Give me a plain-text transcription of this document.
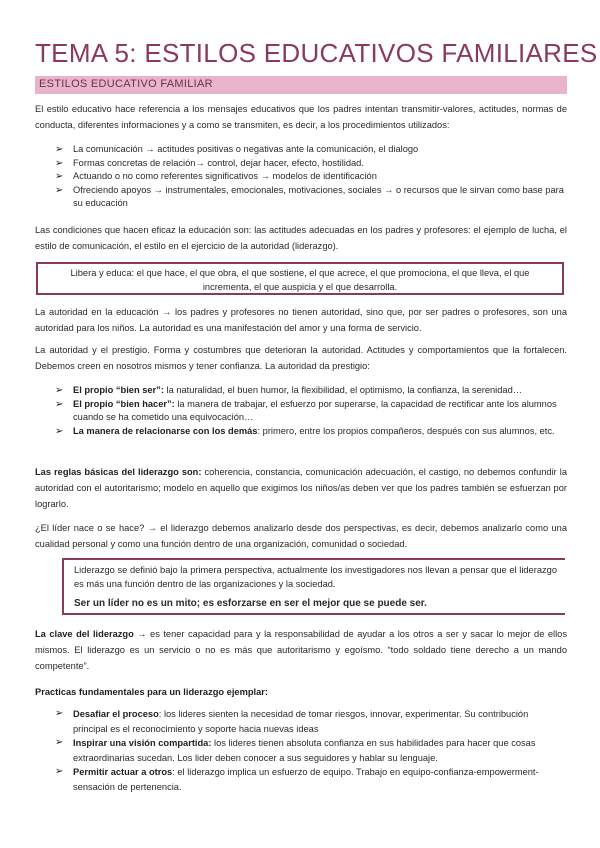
TEMA 5: ESTILOS EDUCATIVOS FAMILIARES
ESTILOS EDUCATIVO FAMILIAR
El estilo educativo hace referencia a los mensajes educativos que los padres intentan transmitir-valores, actitudes, normas de conducta, diferentes informaciones y a como se transmiten, es decir, a los procedimientos utilizados:
➢ La comunicación → actitudes positivas o negativas ante la comunicación, el dialogo
➢ Formas concretas de relación→ control, dejar hacer, efecto, hostilidad.
➢ Actuando o no como referentes significativos → modelos de identificación
➢ Ofreciendo apoyos → instrumentales, emocionales, motivaciones, sociales → o recursos que le sirvan como base para su educación
Las condiciones que hacen eficaz la educación son: las actitudes adecuadas en los padres y profesores: el ejemplo de lucha, el estilo de comunicación, el estilo en el ejercicio de la autoridad (liderazgo).
Libera y educa: el que hace, el que obra, el que sostiene, el que acrece, el que promociona, el que lleva, el que incrementa, el que auspicia y el que desarrolla.
La autoridad en la educación → los padres y profesores no tienen autoridad, sino que, por ser padres o profesores, son una autoridad para los niños. La autoridad es una manifestación del amor y una forma de servicio.
La autoridad y el prestigio. Forma y costumbres que deterioran la autoridad. Actitudes y comportamientos que la fortalecen. Debemos creen en nosotros mismos y tener confianza. La autoridad da prestigio:
➢ El propio “bien ser”: la naturalidad, el buen humor, la flexibilidad, el optimismo, la confianza, la serenidad…
➢ El propio “bien hacer”: la manera de trabajar, el esfuerzo por superarse, la capacidad de rectificar ante los alumnos cuando se ha cometido una equivocación…
➢ La manera de relacionarse con los demás: primero, entre los propios compañeros, después con sus alumnos, etc.
Las reglas básicas del liderazgo son: coherencia, constancia, comunicación adecuación, el castigo, no debemos confundir la autoridad con el autoritarismo; modelo en aquello que exigimos los niños/as deben ver que los padres también se esfuerzan por lograrlo.
¿El líder nace o se hace? → el liderazgo debemos analizarlo desde dos perspectivas, es decir, debemos analizarlo como una cualidad personal y como una función dentro de una organización, comunidad o sociedad.
Liderazgo se definió bajo la primera perspectiva, actualmente los investigadores nos llevan a pensar que el liderazgo es más una función dentro de las organizaciones y la sociedad.
Ser un líder no es un mito; es esforzarse en ser el mejor que se puede ser.
La clave del liderazgo → es tener capacidad para y la responsabilidad de ayudar a los otros a ser y sacar lo mejor de ellos mismos. El liderazgo es un servicio o no es más que autoritarismo y egoísmo. “todo soldado tiene derecho a un mando competente”.
Practicas fundamentales para un liderazgo ejemplar:
➢ Desafiar el proceso: los lideres sienten la necesidad de tomar riesgos, innovar, experimentar. Su contribución principal es el reconocimiento y soporte hacia nuevas ideas
➢ Inspirar una visión compartida: los lideres tienen absoluta confianza en sus habilidades para hacer que cosas extraordinarias sucedan. Los lider deben conocer a sus seguidores y hablar su lenguaje.
➢ Permitir actuar a otros: el liderazgo implica un esfuerzo de equipo. Trabajo en equipo-confianza-empowerment-sensación de pertenencia.
